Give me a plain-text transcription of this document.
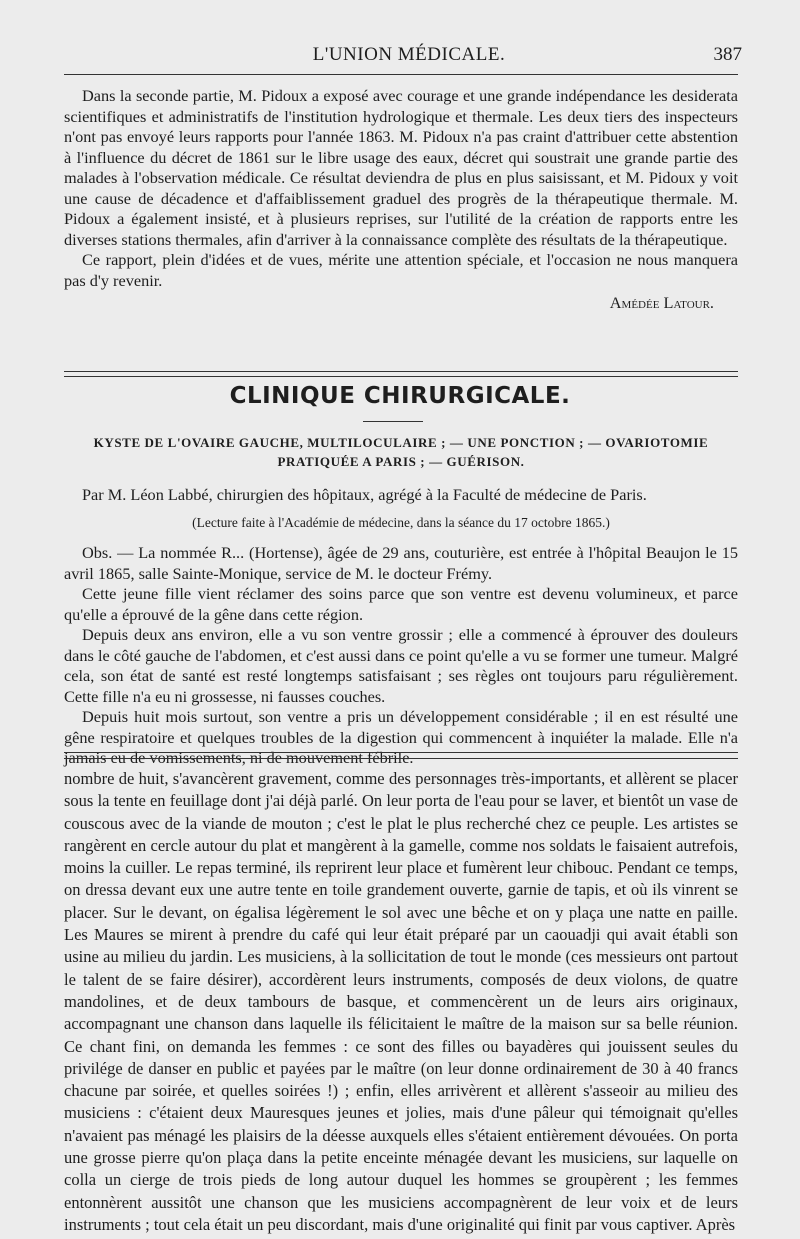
L'UNION MÉDICALE.	387

Dans la seconde partie, M. Pidoux a exposé avec courage et une grande indépendance les desiderata scientifiques et administratifs de l'institution hydrologique et thermale. Les deux tiers des inspecteurs n'ont pas envoyé leurs rapports pour l'année 1863. M. Pidoux n'a pas craint d'attribuer cette abstention à l'influence du décret de 1861 sur le libre usage des eaux, décret qui soustrait une grande partie des malades à l'observation médicale. Ce résultat deviendra de plus en plus saisissant, et M. Pidoux y voit une cause de décadence et d'affaiblissement graduel des progrès de la thérapeutique thermale. M. Pidoux a également insisté, et à plusieurs reprises, sur l'utilité de la création de rapports entre les diverses stations thermales, afin d'arriver à la connaissance complète des résultats de la thérapeutique.

Ce rapport, plein d'idées et de vues, mérite une attention spéciale, et l'occasion ne nous manquera pas d'y revenir.

Amédée Latour.
CLINIQUE CHIRURGICALE.
KYSTE DE L'OVAIRE GAUCHE, MULTILOCULAIRE ; — UNE PONCTION ; — OVARIOTOMIE PRATIQUÉE A PARIS ; — GUÉRISON.
Par M. Léon Labbé, chirurgien des hôpitaux, agrégé à la Faculté de médecine de Paris.
(Lecture faite à l'Académie de médecine, dans la séance du 17 octobre 1865.)

Obs. — La nommée R... (Hortense), âgée de 29 ans, couturière, est entrée à l'hôpital Beaujon le 15 avril 1865, salle Sainte-Monique, service de M. le docteur Frémy.

Cette jeune fille vient réclamer des soins parce que son ventre est devenu volumineux, et parce qu'elle a éprouvé de la gêne dans cette région.

Depuis deux ans environ, elle a vu son ventre grossir ; elle a commencé à éprouver des douleurs dans le côté gauche de l'abdomen, et c'est aussi dans ce point qu'elle a vu se former une tumeur. Malgré cela, son état de santé est resté longtemps satisfaisant ; ses règles ont toujours paru régulièrement. Cette fille n'a eu ni grossesse, ni fausses couches.

Depuis huit mois surtout, son ventre a pris un développement considérable ; il en est résulté une gêne respiratoire et quelques troubles de la digestion qui commencent à inquiéter la malade. Elle n'a jamais eu de vomissements, ni de mouvement fébrile.

nombre de huit, s'avancèrent gravement, comme des personnages très-importants, et allèrent se placer sous la tente en feuillage dont j'ai déjà parlé. On leur porta de l'eau pour se laver, et bientôt un vase de couscous avec de la viande de mouton ; c'est le plat le plus recherché chez ce peuple. Les artistes se rangèrent en cercle autour du plat et mangèrent à la gamelle, comme nos soldats le faisaient autrefois, moins la cuiller. Le repas terminé, ils reprirent leur place et fumèrent leur chibouc. Pendant ce temps, on dressa devant eux une autre tente en toile grandement ouverte, garnie de tapis, et où ils vinrent se placer. Sur le devant, on égalisa légèrement le sol avec une bêche et on y plaça une natte en paille. Les Maures se mirent à prendre du café qui leur était préparé par un caouadji qui avait établi son usine au milieu du jardin. Les musiciens, à la sollicitation de tout le monde (ces messieurs ont partout le talent de se faire désirer), accordèrent leurs instruments, composés de deux violons, de quatre mandolines, et de deux tambours de basque, et commencèrent un de leurs airs originaux, accompagnant une chanson dans laquelle ils félicitaient le maître de la maison sur sa belle réunion. Ce chant fini, on demanda les femmes : ce sont des filles ou bayadères qui jouissent seules du privilége de danser en public et payées par le maître (on leur donne ordinairement de 30 à 40 francs chacune par soirée, et quelles soirées !) ; enfin, elles arrivèrent et allèrent s'asseoir au milieu des musiciens : c'étaient deux Mauresques jeunes et jolies, mais d'une pâleur qui témoignait qu'elles n'avaient pas ménagé les plaisirs de la déesse auxquels elles s'étaient entièrement dévouées. On porta une grosse pierre qu'on plaça dans la petite enceinte ménagée devant les musiciens, sur laquelle on colla un cierge de trois pieds de long autour duquel les hommes se groupèrent ; les femmes entonnèrent aussitôt une chanson que les musiciens accompagnèrent de leur voix et de leurs instruments ; tout cela était un peu discordant, mais d'une originalité qui finit par vous captiver. Après
